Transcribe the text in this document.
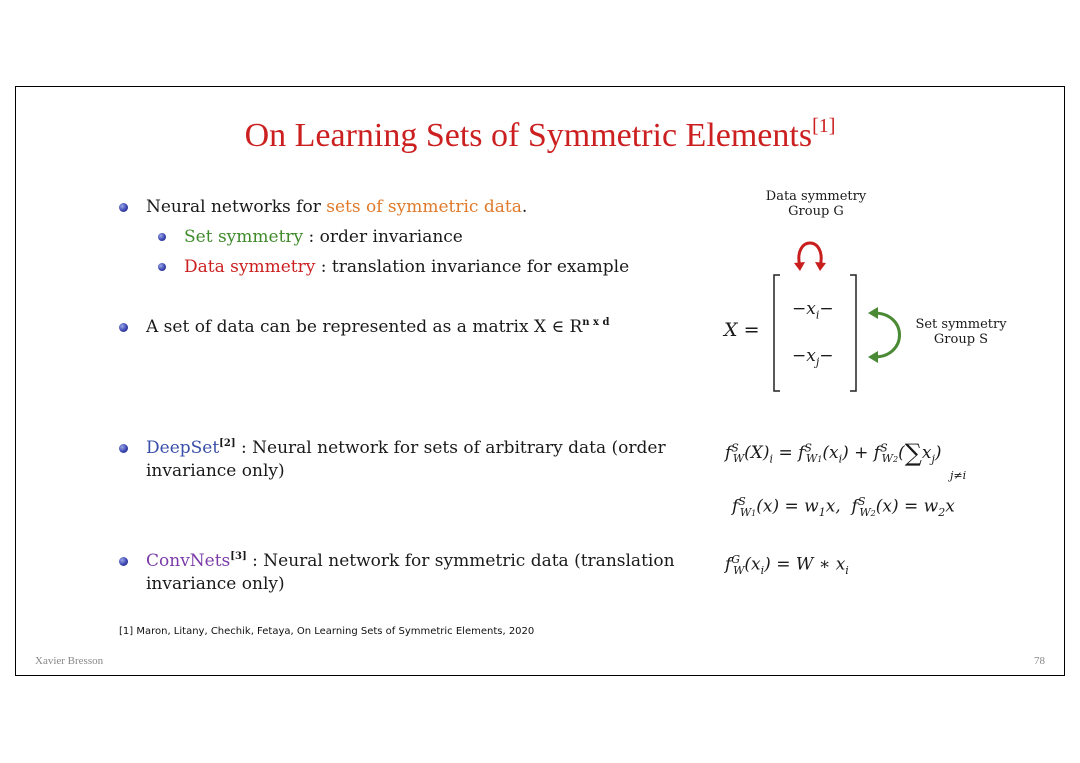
On Learning Sets of Symmetric Elements[1]
Neural networks for sets of symmetric data.
Set symmetry : order invariance
Data symmetry : translation invariance for example
A set of data can be represented as a matrix X ∈ $R^{n x d}$
DeepSet[2] : Neural network for sets of arbitrary data (order
invariance only)
ConvNets[3] : Neural network for symmetric data (translation
invariance only)
Data symmetry
Group G
X =
$-x_i-$
$-x_j-$
Set symmetry
Group S
$f^S_W(X)_i = f^S_{W1}(x_i) + f^S_{W2}(\sum x_j)$
j≠i
$f^S_{W1}(x) = w_1x$,  $f^S_{W2}(x) = w_2x$
$f^G_W(x_i) = W$ ∗ $x_i$
[1] Maron, Litany, Chechik, Fetaya, On Learning Sets of Symmetric Elements, 2020
Xavier Bresson	78
